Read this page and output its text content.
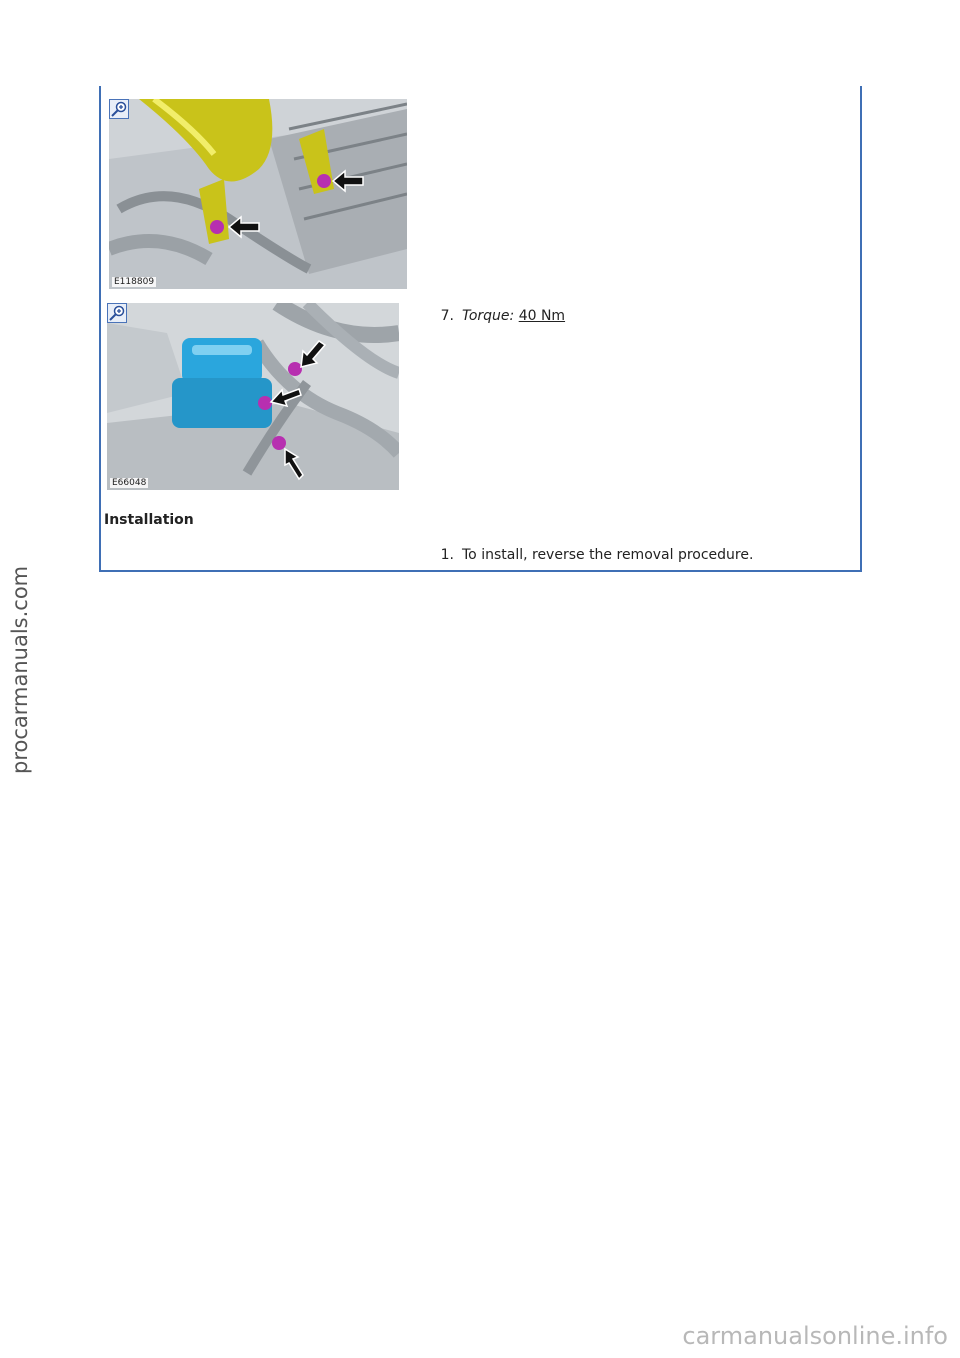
E118809
E66048
7. Torque: 40 Nm
Installation
1. To install, reverse the removal procedure.
procarmanuals.com
carmanualsonline.info
